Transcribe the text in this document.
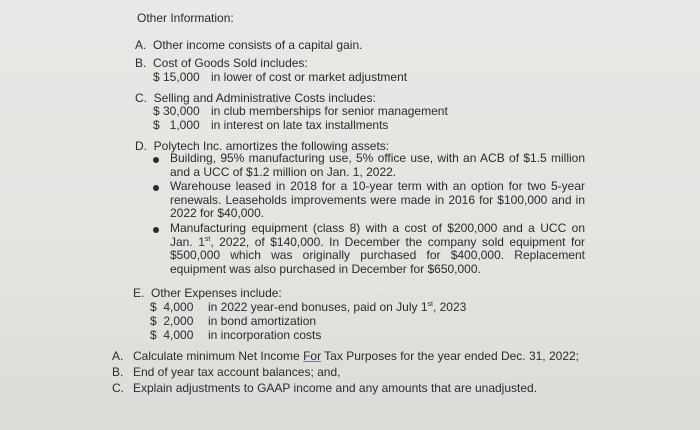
Other Information:
A. Other income consists of a capital gain.
B. Cost of Goods Sold includes:
$ 15,000 in lower of cost or market adjustment
C. Selling and Administrative Costs includes:
$ 30,000 in club memberships for senior management
$   1,000 in interest on late tax installments
D. Polytech Inc. amortizes the following assets:
Building, 95% manufacturing use, 5% office use, with an ACB of $1.5 million and a UCC of $1.2 million on Jan. 1, 2022.
Warehouse leased in 2018 for a 10-year term with an option for two 5-year renewals. Leaseholds improvements were made in 2016 for $100,000 and in 2022 for $40,000.
Manufacturing equipment (class 8) with a cost of $200,000 and a UCC on Jan. 1st, 2022, of $140,000. In December the company sold equipment for $500,000 which was originally purchased for $400,000. Replacement equipment was also purchased in December for $650,000.
E. Other Expenses include:
$  4,000 in 2022 year-end bonuses, paid on July 1st, 2023
$  2,000 in bond amortization
$  4,000 in incorporation costs
A. Calculate minimum Net Income For Tax Purposes for the year ended Dec. 31, 2022;
B. End of year tax account balances; and,
C. Explain adjustments to GAAP income and any amounts that are unadjusted.
